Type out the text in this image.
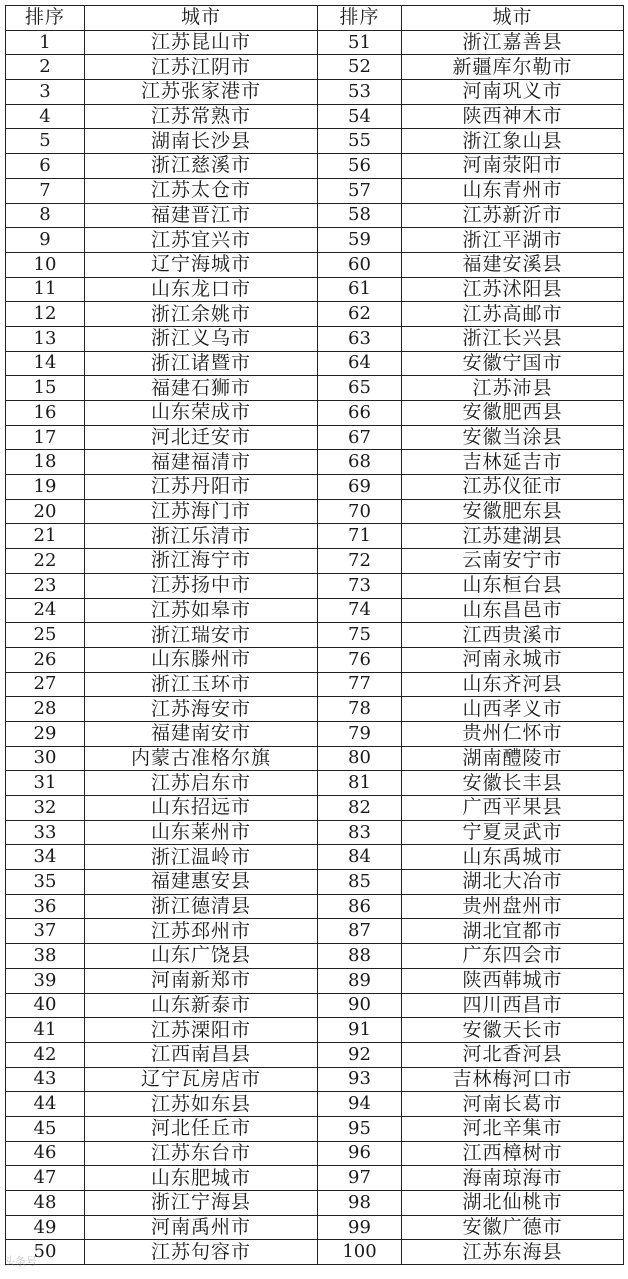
排序	城市	排序	城市
1	江苏昆山市	51	浙江嘉善县
2	江苏江阴市	52	新疆库尔勒市
3	江苏张家港市	53	河南巩义市
4	江苏常熟市	54	陕西神木市
5	湖南长沙县	55	浙江象山县
6	浙江慈溪市	56	河南荥阳市
7	江苏太仓市	57	山东青州市
8	福建晋江市	58	江苏新沂市
9	江苏宜兴市	59	浙江平湖市
10	辽宁海城市	60	福建安溪县
11	山东龙口市	61	江苏沭阳县
12	浙江余姚市	62	江苏高邮市
13	浙江义乌市	63	浙江长兴县
14	浙江诸暨市	64	安徽宁国市
15	福建石狮市	65	江苏沛县
16	山东荣成市	66	安徽肥西县
17	河北迁安市	67	安徽当涂县
18	福建福清市	68	吉林延吉市
19	江苏丹阳市	69	江苏仪征市
20	江苏海门市	70	安徽肥东县
21	浙江乐清市	71	江苏建湖县
22	浙江海宁市	72	云南安宁市
23	江苏扬中市	73	山东桓台县
24	江苏如皋市	74	山东昌邑市
25	浙江瑞安市	75	江西贵溪市
26	山东滕州市	76	河南永城市
27	浙江玉环市	77	山东齐河县
28	江苏海安市	78	山西孝义市
29	福建南安市	79	贵州仁怀市
30	内蒙古准格尔旗	80	湖南醴陵市
31	江苏启东市	81	安徽长丰县
32	山东招远市	82	广西平果县
33	山东莱州市	83	宁夏灵武市
34	浙江温岭市	84	山东禹城市
35	福建惠安县	85	湖北大冶市
36	浙江德清县	86	贵州盘州市
37	江苏邳州市	87	湖北宜都市
38	山东广饶县	88	广东四会市
39	河南新郑市	89	陕西韩城市
40	山东新泰市	90	四川西昌市
41	江苏溧阳市	91	安徽天长市
42	江西南昌县	92	河北香河县
43	辽宁瓦房店市	93	吉林梅河口市
44	江苏如东县	94	河南长葛市
45	河北任丘市	95	河北辛集市
46	江苏东台市	96	江西樟树市
47	山东肥城市	97	海南琼海市
48	浙江宁海县	98	湖北仙桃市
49	河南禹州市	99	安徽广德市
50	江苏句容市	100	江苏东海县
头条号
